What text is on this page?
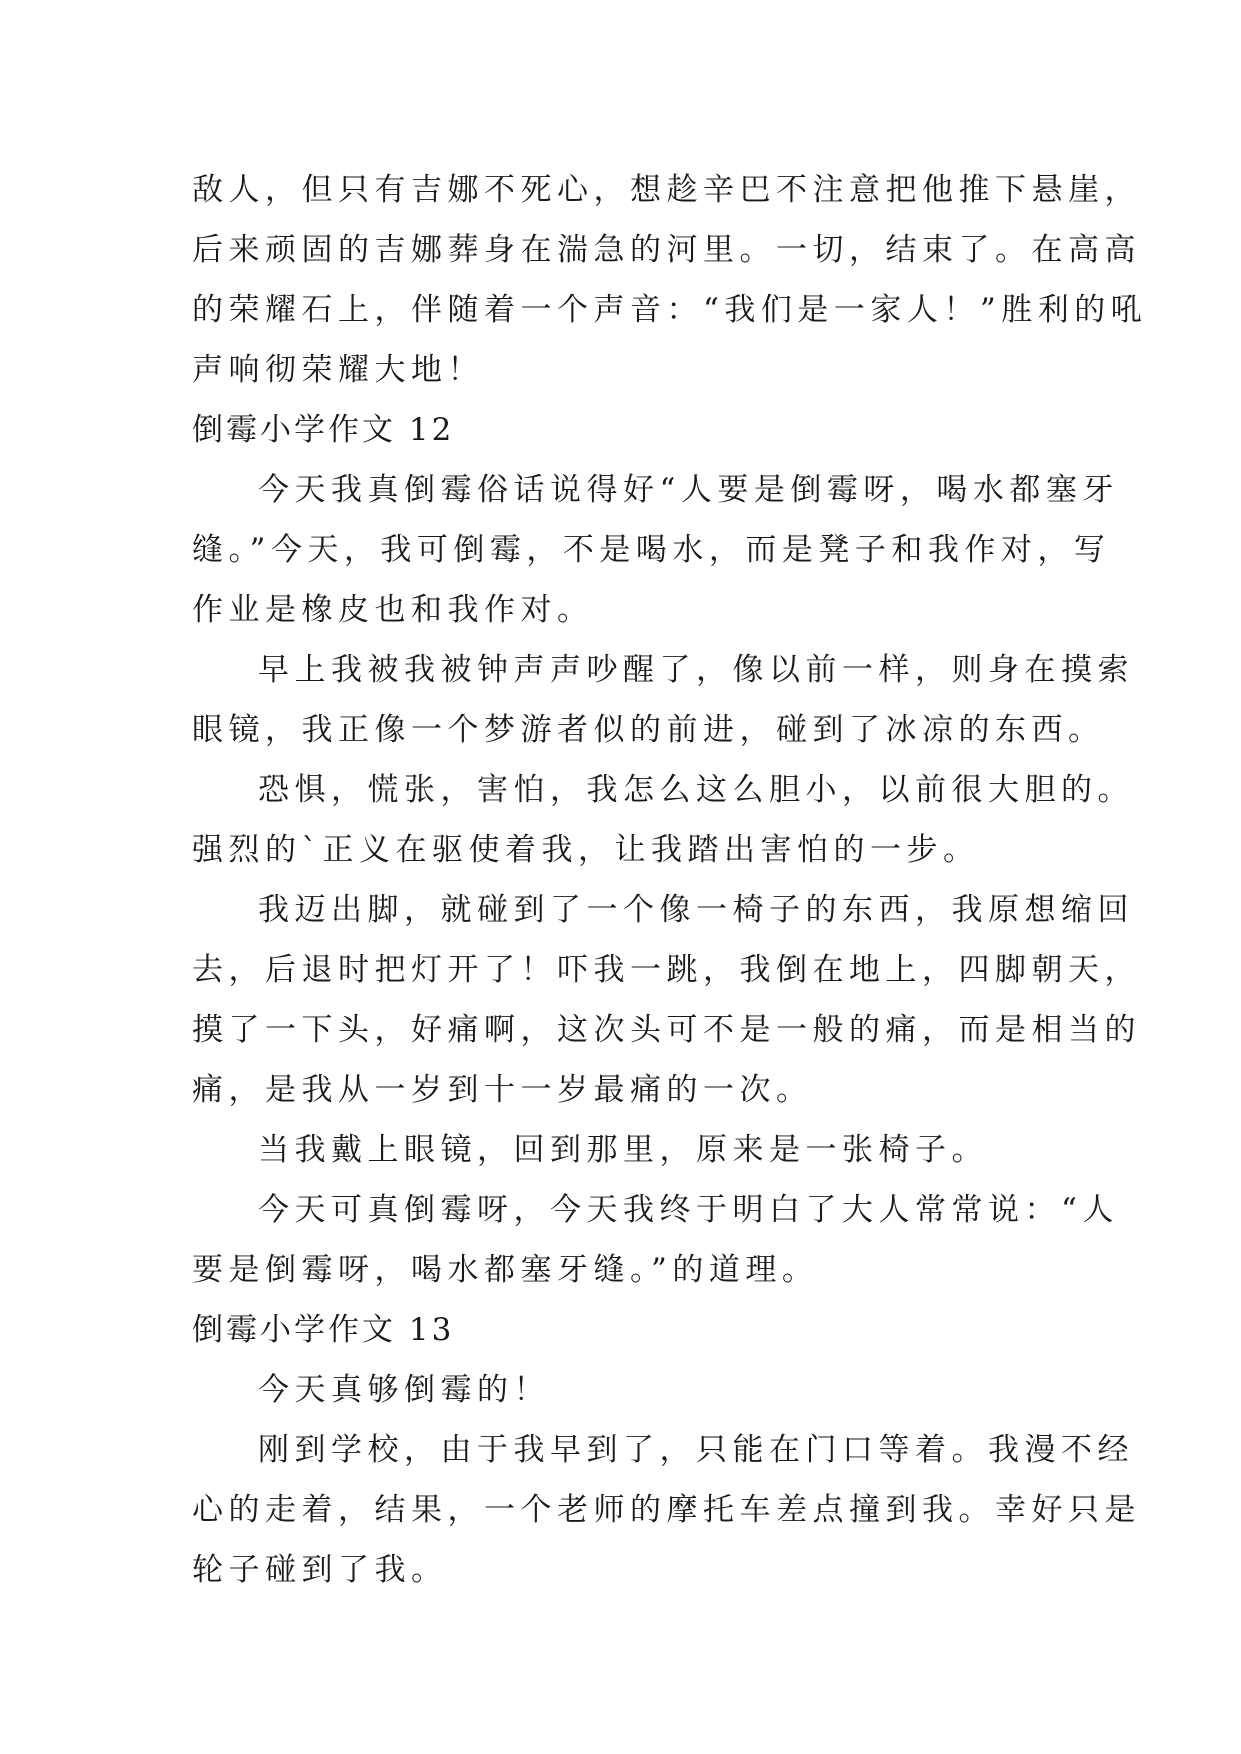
敌人，但只有吉娜不死心，想趁辛巴不注意把他推下悬崖，
后来顽固的吉娜葬身在湍急的河里。一切，结束了。在高高
的荣耀石上，伴随着一个声音：“我们是一家人！”胜利的吼
声响彻荣耀大地！
倒霉小学作文 12
今天我真倒霉俗话说得好“人要是倒霉呀，喝水都塞牙
缝。”今天，我可倒霉，不是喝水，而是凳子和我作对，写
作业是橡皮也和我作对。
早上我被我被钟声声吵醒了，像以前一样，则身在摸索
眼镜，我正像一个梦游者似的前进，碰到了冰凉的东西。
恐惧，慌张，害怕，我怎么这么胆小，以前很大胆的。
强烈的`正义在驱使着我，让我踏出害怕的一步。
我迈出脚，就碰到了一个像一椅子的东西，我原想缩回
去，后退时把灯开了！吓我一跳，我倒在地上，四脚朝天，
摸了一下头，好痛啊，这次头可不是一般的痛，而是相当的
痛，是我从一岁到十一岁最痛的一次。
当我戴上眼镜，回到那里，原来是一张椅子。
今天可真倒霉呀，今天我终于明白了大人常常说：“人
要是倒霉呀，喝水都塞牙缝。”的道理。
倒霉小学作文 13
今天真够倒霉的！
刚到学校，由于我早到了，只能在门口等着。我漫不经
心的走着，结果，一个老师的摩托车差点撞到我。幸好只是
轮子碰到了我。
